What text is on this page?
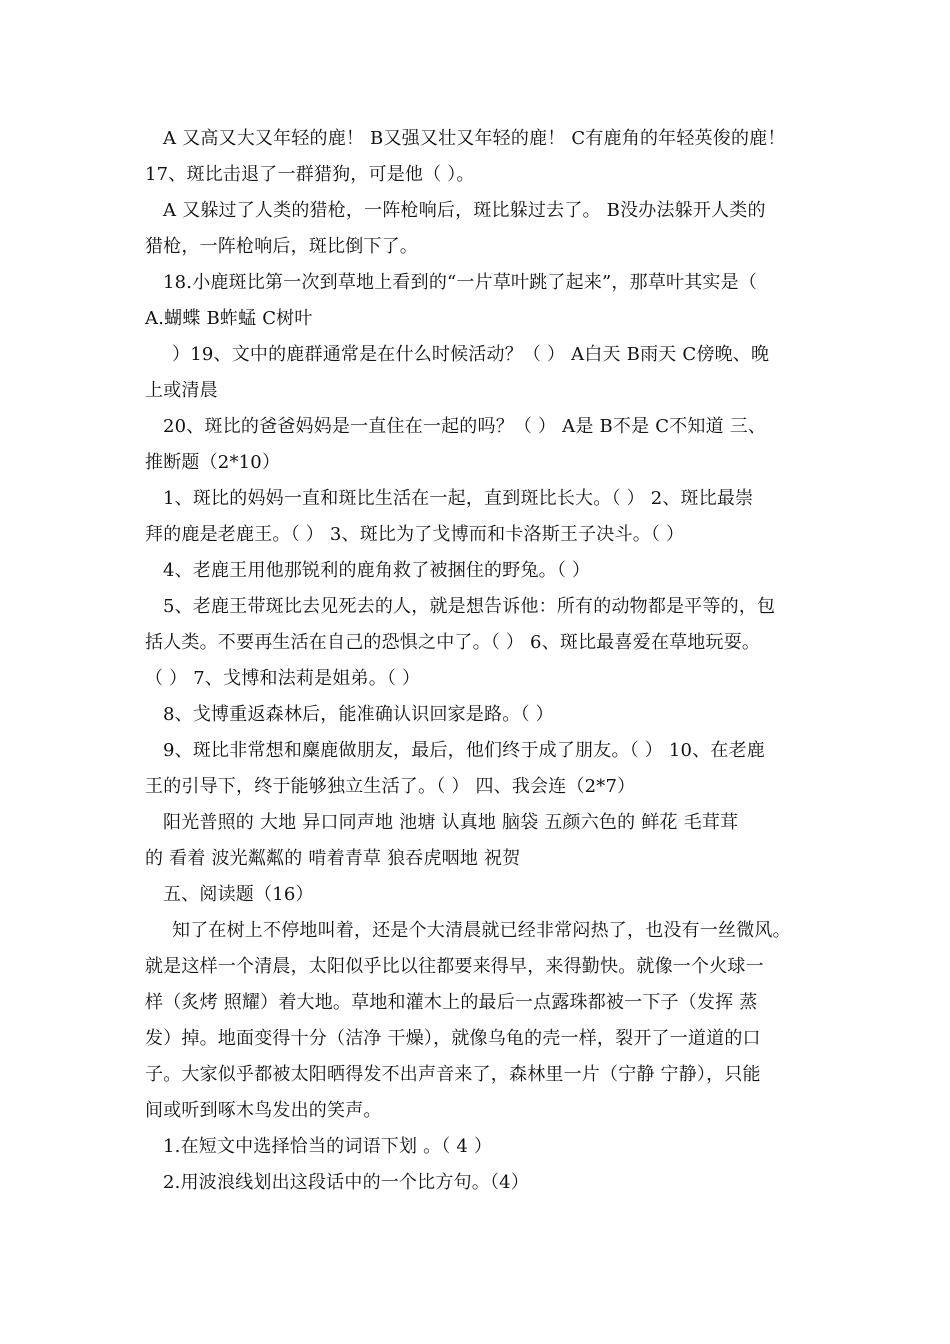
A 又高又大又年轻的鹿！ B又强又壮又年轻的鹿！ C有鹿角的年轻英俊的鹿！
17、斑比击退了一群猎狗，可是他（ ）。
A 又躲过了人类的猎枪，一阵枪响后，斑比躲过去了。 B没办法躲开人类的
猎枪，一阵枪响后，斑比倒下了。
18.小鹿斑比第一次到草地上看到的“一片草叶跳了起来”，那草叶其实是（
A.蝴蝶 B蚱蜢 C树叶
）19、文中的鹿群通常是在什么时候活动？（ ） A白天 B雨天 C傍晚、晚
上或清晨
20、斑比的爸爸妈妈是一直住在一起的吗？（ ） A是 B不是 C不知道 三、
推断题（2*10）
1、斑比的妈妈一直和斑比生活在一起，直到斑比长大。（ ） 2、斑比最崇
拜的鹿是老鹿王。（ ） 3、斑比为了戈博而和卡洛斯王子决斗。（ ）
4、老鹿王用他那锐利的鹿角救了被捆住的野兔。（ ）
5、老鹿王带斑比去见死去的人，就是想告诉他：所有的动物都是平等的，包
括人类。不要再生活在自己的恐惧之中了。（ ） 6、斑比最喜爱在草地玩耍。
（ ） 7、戈博和法莉是姐弟。（ ）
8、戈博重返森林后，能准确认识回家是路。（ ）
9、斑比非常想和麋鹿做朋友，最后，他们终于成了朋友。（ ） 10、在老鹿
王的引导下，终于能够独立生活了。（ ） 四、我会连（2*7）
阳光普照的 大地 异口同声地 池塘 认真地 脑袋 五颜六色的 鲜花 毛茸茸
的 看着 波光粼粼的 啃着青草 狼吞虎咽地 祝贺
五、阅读题（16）
知了在树上不停地叫着，还是个大清晨就已经非常闷热了，也没有一丝微风。
就是这样一个清晨，太阳似乎比以往都要来得早，来得勤快。就像一个火球一
样（炙烤 照耀）着大地。草地和灌木上的最后一点露珠都被一下子（发挥 蒸
发）掉。地面变得十分（洁净 干燥），就像乌龟的壳一样，裂开了一道道的口
子。大家似乎都被太阳晒得发不出声音来了，森林里一片（宁静 宁静），只能
间或听到啄木鸟发出的笑声。
1.在短文中选择恰当的词语下划 。（ 4 ）
2.用波浪线划出这段话中的一个比方句。（4）
